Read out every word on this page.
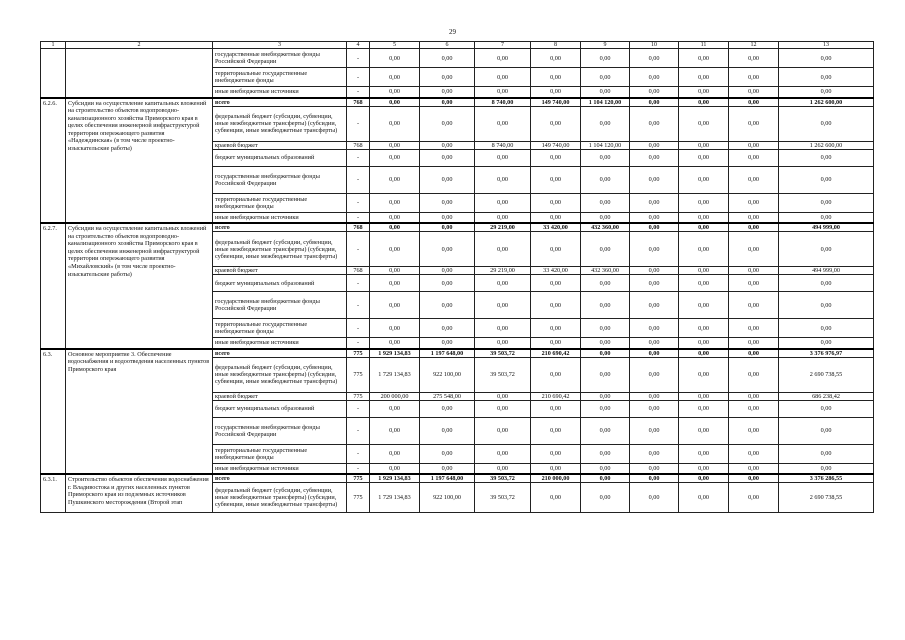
29
1	2	3	4	5	6	7	8	9	10	11	12	13
		государственные внебюджетные фонды Российской Федерации	-	0,00	0,00	0,00	0,00	0,00	0,00	0,00	0,00	0,00
		территориальные государственные внебюджетные фонды	-	0,00	0,00	0,00	0,00	0,00	0,00	0,00	0,00	0,00
		иные внебюджетные источники	-	0,00	0,00	0,00	0,00	0,00	0,00	0,00	0,00	0,00
6.2.6.	Субсидии на осуществление капитальных вложений на строительство объектов водопроводно-канализационного хозяйства Приморского края в целях обеспечения инженерной инфраструктурой территории опережающего развития «Надеждинская» (в том числе проектно-изыскательские работы)	всего	768	0,00	0,00	8 740,00	149 740,00	1 104 120,00	0,00	0,00	0,00	1 262 600,00
		федеральный бюджет (субсидии, субвенции, иные межбюджетные трансферты) (субсидии, субвенции, иные межбюджетные трансферты)	-	0,00	0,00	0,00	0,00	0,00	0,00	0,00	0,00	0,00
		краевой бюджет	768	0,00	0,00	8 740,00	149 740,00	1 104 120,00	0,00	0,00	0,00	1 262 600,00
		бюджет муниципальных образований	-	0,00	0,00	0,00	0,00	0,00	0,00	0,00	0,00	0,00
		государственные внебюджетные фонды Российской Федерации	-	0,00	0,00	0,00	0,00	0,00	0,00	0,00	0,00	0,00
		территориальные государственные внебюджетные фонды	-	0,00	0,00	0,00	0,00	0,00	0,00	0,00	0,00	0,00
		иные внебюджетные источники	-	0,00	0,00	0,00	0,00	0,00	0,00	0,00	0,00	0,00
6.2.7.	Субсидии на осуществление капитальных вложений на строительство объектов водопроводно-канализационного хозяйства Приморского края в целях обеспечения инженерной инфраструктурой территории опережающего развития «Михайловский» (в том числе проектно-изыскательские работы)	всего	768	0,00	0,00	29 219,00	33 420,00	432 360,00	0,00	0,00	0,00	494 999,00
		федеральный бюджет (субсидии, субвенции, иные межбюджетные трансферты) (субсидии, субвенции, иные межбюджетные трансферты)	-	0,00	0,00	0,00	0,00	0,00	0,00	0,00	0,00	0,00
		краевой бюджет	768	0,00	0,00	29 219,00	33 420,00	432 360,00	0,00	0,00	0,00	494 999,00
		бюджет муниципальных образований	-	0,00	0,00	0,00	0,00	0,00	0,00	0,00	0,00	0,00
		государственные внебюджетные фонды Российской Федерации	-	0,00	0,00	0,00	0,00	0,00	0,00	0,00	0,00	0,00
		территориальные государственные внебюджетные фонды	-	0,00	0,00	0,00	0,00	0,00	0,00	0,00	0,00	0,00
		иные внебюджетные источники	-	0,00	0,00	0,00	0,00	0,00	0,00	0,00	0,00	0,00
6.3.	Основное мероприятие 3. Обеспечение водоснабжения и водоотведения населенных пунктов Приморского края	всего	775	1 929 134,83	1 197 648,00	39 503,72	210 690,42	0,00	0,00	0,00	0,00	3 376 976,97
		федеральный бюджет (субсидии, субвенции, иные межбюджетные трансферты) (субсидии, субвенции, иные межбюджетные трансферты)	775	1 729 134,83	922 100,00	39 503,72	0,00	0,00	0,00	0,00	0,00	2 690 738,55
		краевой бюджет	775	200 000,00	275 548,00	0,00	210 690,42	0,00	0,00	0,00	0,00	686 238,42
		бюджет муниципальных образований	-	0,00	0,00	0,00	0,00	0,00	0,00	0,00	0,00	0,00
		государственные внебюджетные фонды Российской Федерации	-	0,00	0,00	0,00	0,00	0,00	0,00	0,00	0,00	0,00
		территориальные государственные внебюджетные фонды	-	0,00	0,00	0,00	0,00	0,00	0,00	0,00	0,00	0,00
		иные внебюджетные источники	-	0,00	0,00	0,00	0,00	0,00	0,00	0,00	0,00	0,00
6.3.1.	Строительство объектов обеспечения водоснабжения г. Владивостока и других населенных пунктов Приморского края из подземных источников Пушкинского месторождения (Второй этап	всего	775	1 929 134,83	1 197 648,00	39 503,72	210 000,00	0,00	0,00	0,00	0,00	3 376 286,55
		федеральный бюджет (субсидии, субвенции, иные межбюджетные трансферты) (субсидии, субвенции, иные межбюджетные трансферты)	775	1 729 134,83	922 100,00	39 503,72	0,00	0,00	0,00	0,00	0,00	2 690 738,55
